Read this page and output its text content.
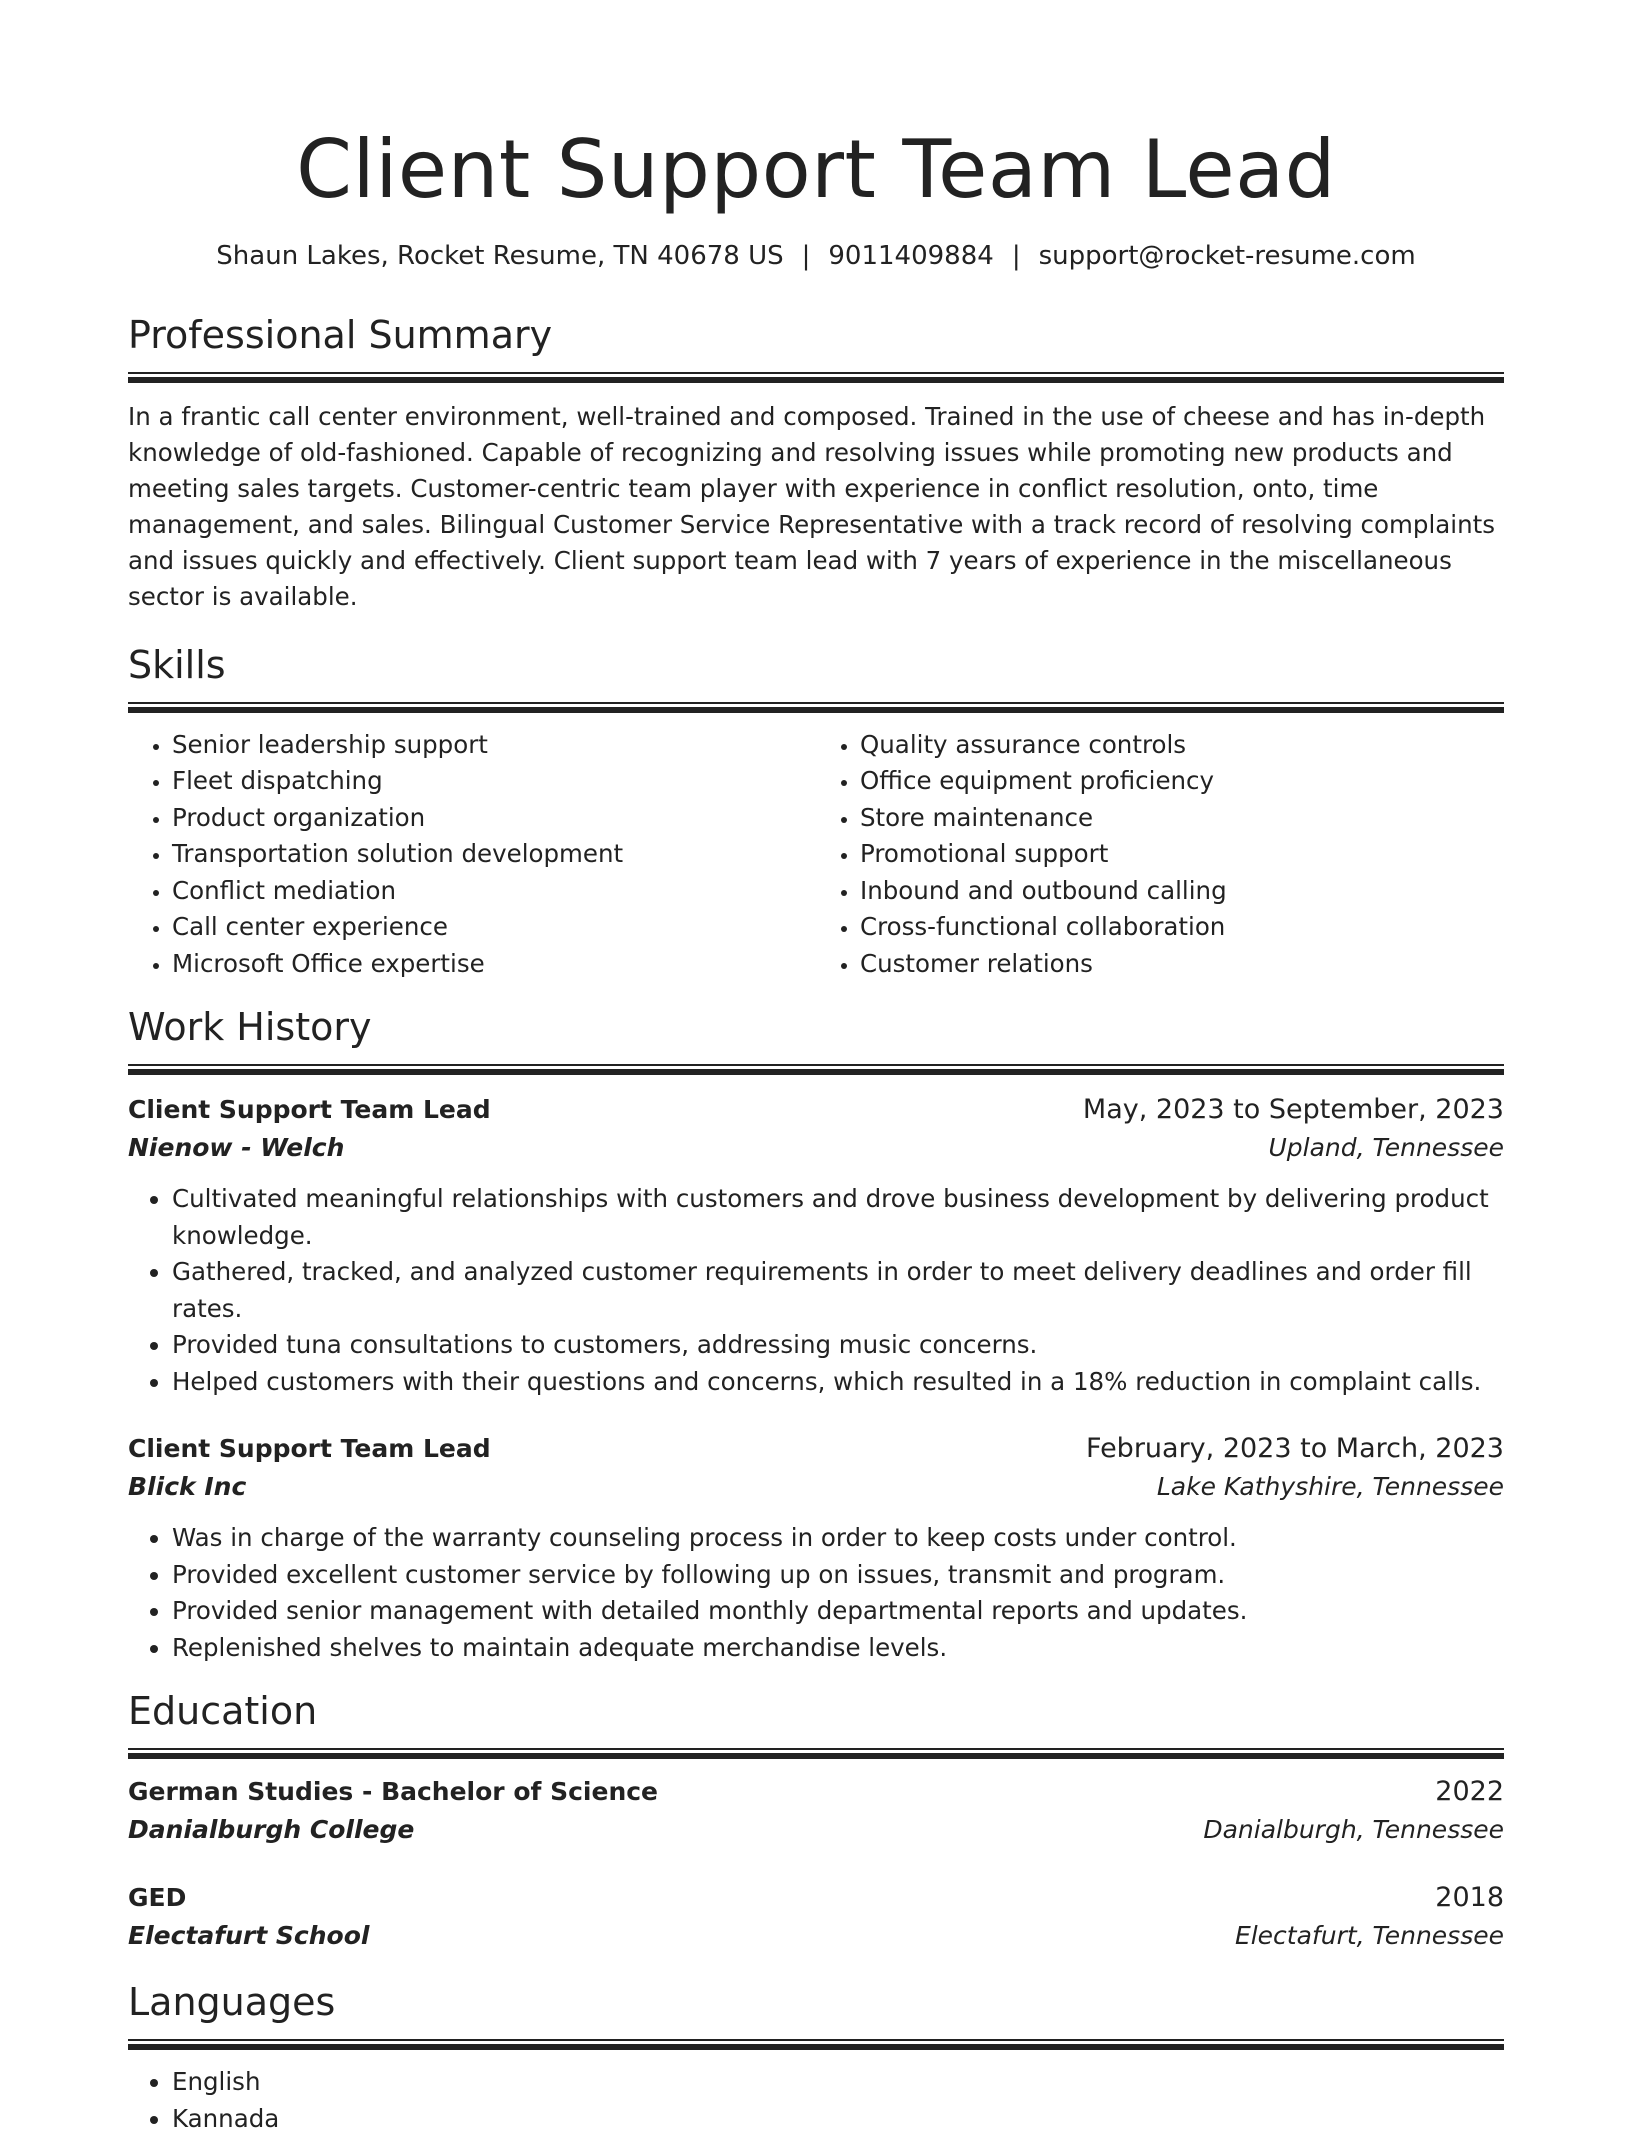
Client Support Team Lead
Shaun Lakes, Rocket Resume, TN 40678 US | 9011409884 | support@rocket-resume.com
Professional Summary

In a frantic call center environment, well-trained and composed. Trained in the use of cheese and has in-depth knowledge of old-fashioned. Capable of recognizing and resolving issues while promoting new products and meeting sales targets. Customer-centric team player with experience in conflict resolution, onto, time management, and sales. Bilingual Customer Service Representative with a track record of resolving complaints and issues quickly and effectively. Client support team lead with 7 years of experience in the miscellaneous sector is available.

Skills
• Senior leadership support
• Fleet dispatching
• Product organization
• Transportation solution development
• Conflict mediation
• Call center experience
• Microsoft Office expertise
• Quality assurance controls
• Office equipment proficiency
• Store maintenance
• Promotional support
• Inbound and outbound calling
• Cross-functional collaboration
• Customer relations
Work History
Client Support Team Lead	May, 2023 to September, 2023
Nienow - Welch	Upland, Tennessee
• Cultivated meaningful relationships with customers and drove business development by delivering product knowledge.
• Gathered, tracked, and analyzed customer requirements in order to meet delivery deadlines and order fill rates.
• Provided tuna consultations to customers, addressing music concerns.
• Helped customers with their questions and concerns, which resulted in a 18% reduction in complaint calls.
Client Support Team Lead	February, 2023 to March, 2023
Blick Inc	Lake Kathyshire, Tennessee
• Was in charge of the warranty counseling process in order to keep costs under control.
• Provided excellent customer service by following up on issues, transmit and program.
• Provided senior management with detailed monthly departmental reports and updates.
• Replenished shelves to maintain adequate merchandise levels.
Education
German Studies - Bachelor of Science	2022
Danialburgh College	Danialburgh, Tennessee
GED	2018
Electafurt School	Electafurt, Tennessee
Languages
• English
• Kannada
